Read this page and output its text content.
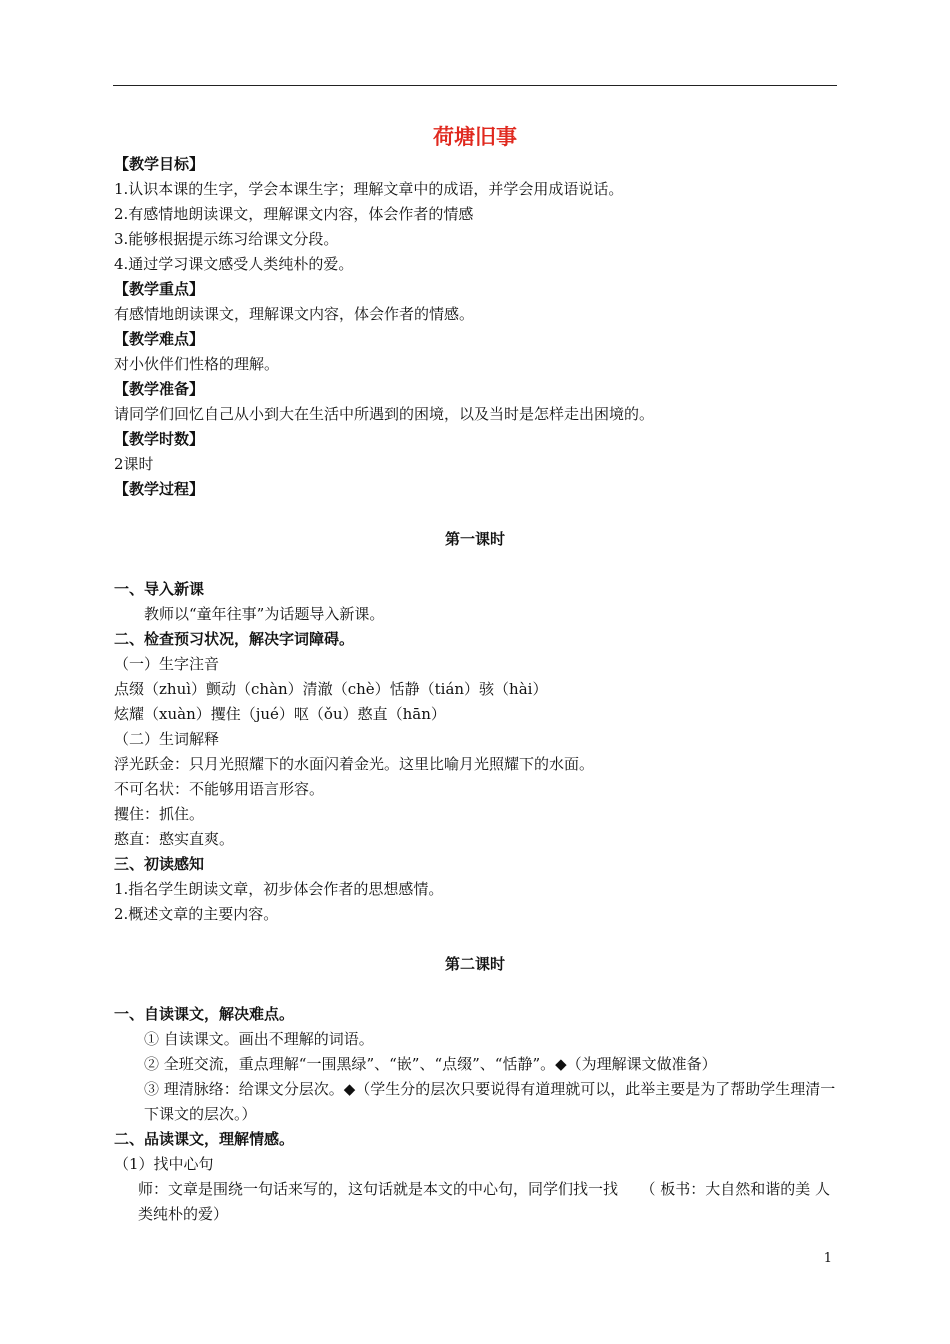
荷塘旧事
【教学目标】
1.认识本课的生字，学会本课生字；理解文章中的成语，并学会用成语说话。
2.有感情地朗读课文，理解课文内容，体会作者的情感
3.能够根据提示练习给课文分段。
4.通过学习课文感受人类纯朴的爱。
【教学重点】
有感情地朗读课文，理解课文内容，体会作者的情感。
【教学难点】
对小伙伴们性格的理解。
【教学准备】
请同学们回忆自己从小到大在生活中所遇到的困境，以及当时是怎样走出困境的。
【教学时数】
2课时
【教学过程】
第一课时
一、导入新课
教师以“童年往事”为话题导入新课。
二、检查预习状况，解决字词障碍。
（一）生字注音
点缀（zhuì）颤动（chàn）清澈（chè）恬静（tián）骇（hài）
炫耀（xuàn）攫住（jué）呕（ǒu）憨直（hān）
（二）生词解释
浮光跃金：只月光照耀下的水面闪着金光。这里比喻月光照耀下的水面。
不可名状：不能够用语言形容。
攫住：抓住。
憨直：憨实直爽。
三、初读感知
1.指名学生朗读文章，初步体会作者的思想感情。
2.概述文章的主要内容。
第二课时
一、自读课文，解决难点。
① 自读课文。画出不理解的词语。
② 全班交流，重点理解“一围黑绿”、“嵌”、“点缀”、“恬静”。◆（为理解课文做准备）
③ 理清脉络：给课文分层次。◆（学生分的层次只要说得有道理就可以，此举主要是为了帮助学生理清一下课文的层次。）
二、品读课文，理解情感。
（1）找中心句
师：文章是围绕一句话来写的，这句话就是本文的中心句，同学们找一找　　（ 板书：大自然和谐的美 人类纯朴的爱）
1
